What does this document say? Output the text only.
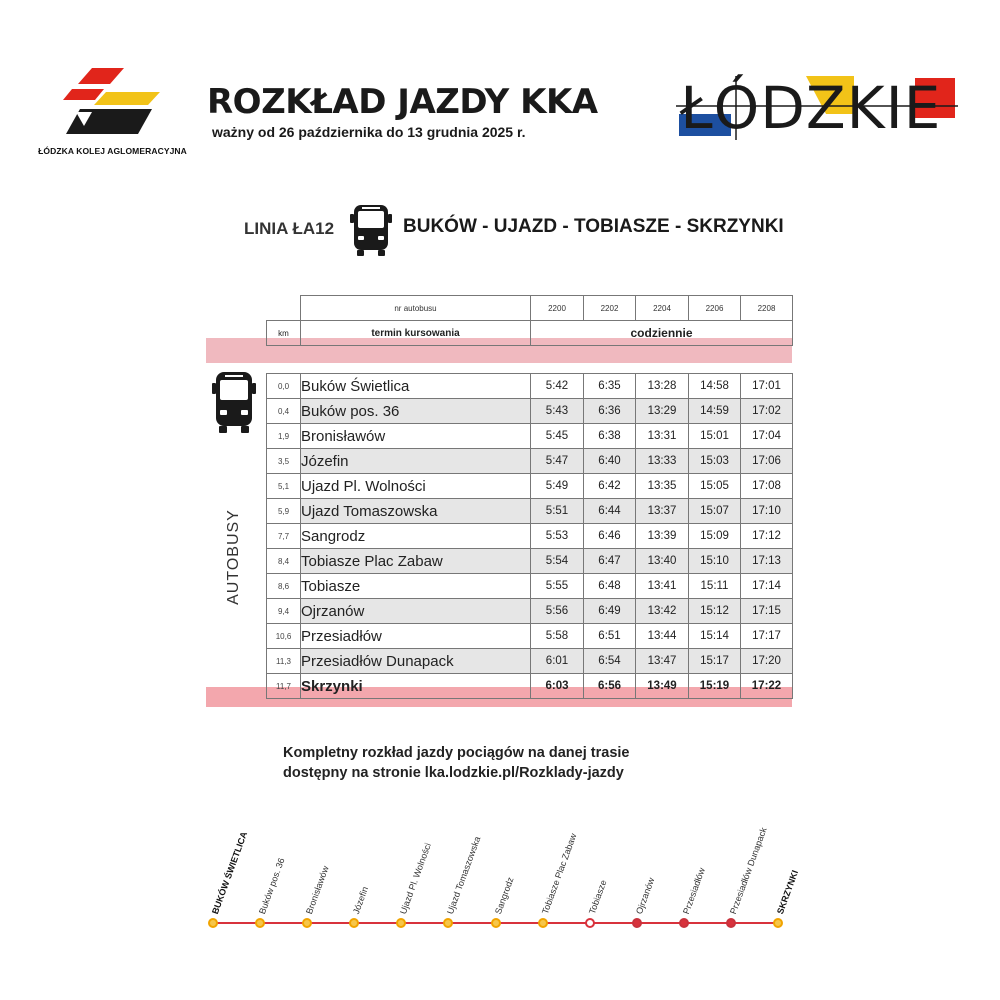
ŁÓDZKA KOLEJ AGLOMERACYJNA
ROZKŁAD JAZDY KKA
ważny od 26 października do 13 grudnia 2025 r.	ŁÓDZKIE
LINIA ŁA12	BUKÓW - UJAZD - TOBIASZE - SKRZYNKI
AUTOBUSY
	nr autobusu	2200	2202	2204	2206	2208
km	termin kursowania	codziennie				

0,0	Buków Świetlica	5:42	6:35	13:28	14:58	17:01
0,4	Buków pos. 36	5:43	6:36	13:29	14:59	17:02
1,9	Bronisławów	5:45	6:38	13:31	15:01	17:04
3,5	Józefin	5:47	6:40	13:33	15:03	17:06
5,1	Ujazd Pl. Wolności	5:49	6:42	13:35	15:05	17:08
5,9	Ujazd Tomaszowska	5:51	6:44	13:37	15:07	17:10
7,7	Sangrodz	5:53	6:46	13:39	15:09	17:12
8,4	Tobiasze Plac Zabaw	5:54	6:47	13:40	15:10	17:13
8,6	Tobiasze	5:55	6:48	13:41	15:11	17:14
9,4	Ojrzanów	5:56	6:49	13:42	15:12	17:15
10,6	Przesiadłów	5:58	6:51	13:44	15:14	17:17
11,3	Przesiadłów Dunapack	6:01	6:54	13:47	15:17	17:20
11,7	Skrzynki	6:03	6:56	13:49	15:19	17:22
Kompletny rozkład jazdy pociągów na danej trasie
dostępny na stronie lka.lodzkie.pl/Rozklady-jazdy
BUKÓW ŚWIETLICA Buków pos. 36 Bronisławów Józefin	Ujazd Pl. Wolności Ujazd Tomaszowska Sangrodz	Tobiasze Plac Zabaw Tobiasze	Ojrzanów	Przesiadłów Przesiadłów Dunapack SKRZYNKI
